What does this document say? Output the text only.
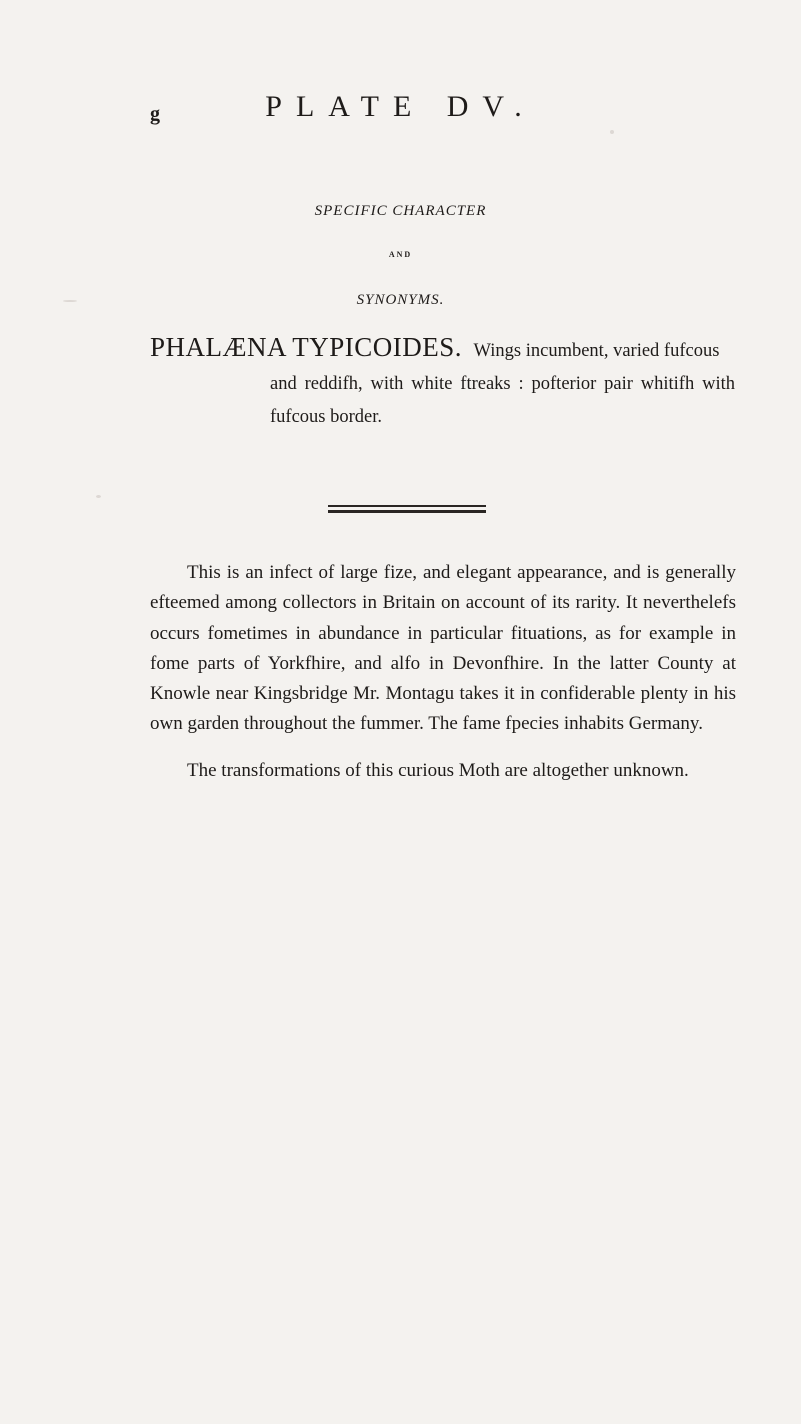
g	PLATE DV.
SPECIFIC CHARACTER
AND
SYNONYMS.
PHALÆNA TYPICOIDES. Wings incumbent, varied fufcous
and reddifh, with white ftreaks : pofterior pair whitifh with fufcous border.

This is an infect of large fize, and elegant appearance, and is generally efteemed among collectors in Britain on account of its rarity. It neverthelefs occurs fometimes in abundance in particular fituations, as for example in fome parts of Yorkfhire, and alfo in Devonfhire. In the latter County at Knowle near Kingsbridge Mr. Montagu takes it in confiderable plenty in his own garden throughout the fummer. The fame fpecies inhabits Germany.

The transformations of this curious Moth are altogether unknown.
